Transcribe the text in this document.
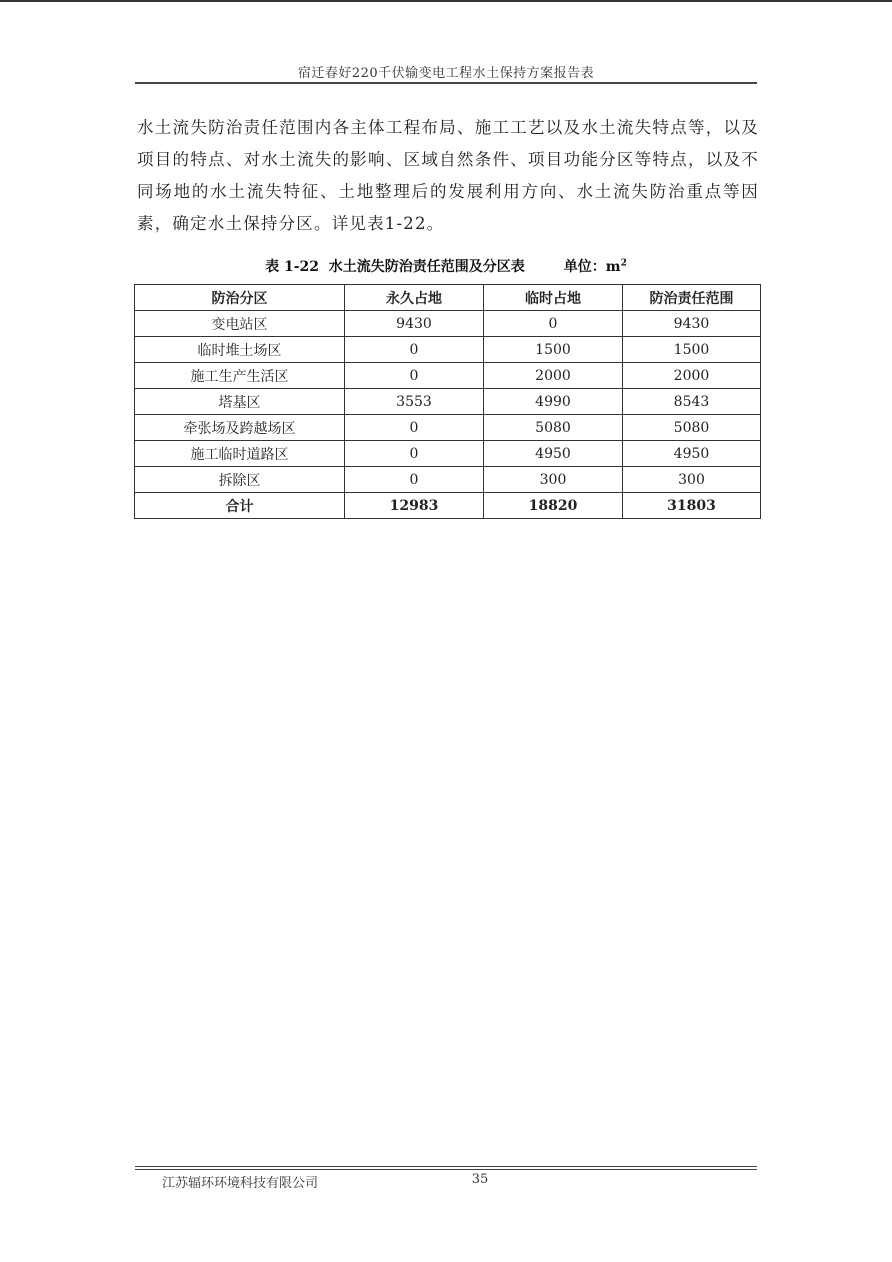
宿迁春好220千伏输变电工程水土保持方案报告表

水土流失防治责任范围内各主体工程布局、施工工艺以及水土流失特点等，以及项目的特点、对水土流失的影响、区域自然条件、项目功能分区等特点，以及不同场地的水土流失特征、土地整理后的发展利用方向、水土流失防治重点等因素，确定水土保持分区。详见表1-22。

表 1-22  水土流失防治责任范围及分区表	单位：$m^2$
防治分区	永久占地	临时占地	防治责任范围
变电站区	9430	0	9430
临时堆土场区	0	1500	1500
施工生产生活区	0	2000	2000
塔基区	3553	4990	8543
牵张场及跨越场区	0	5080	5080
施工临时道路区	0	4950	4950
拆除区	0	300	300
合计	12983	18820	31803
江苏辐环环境科技有限公司	35
